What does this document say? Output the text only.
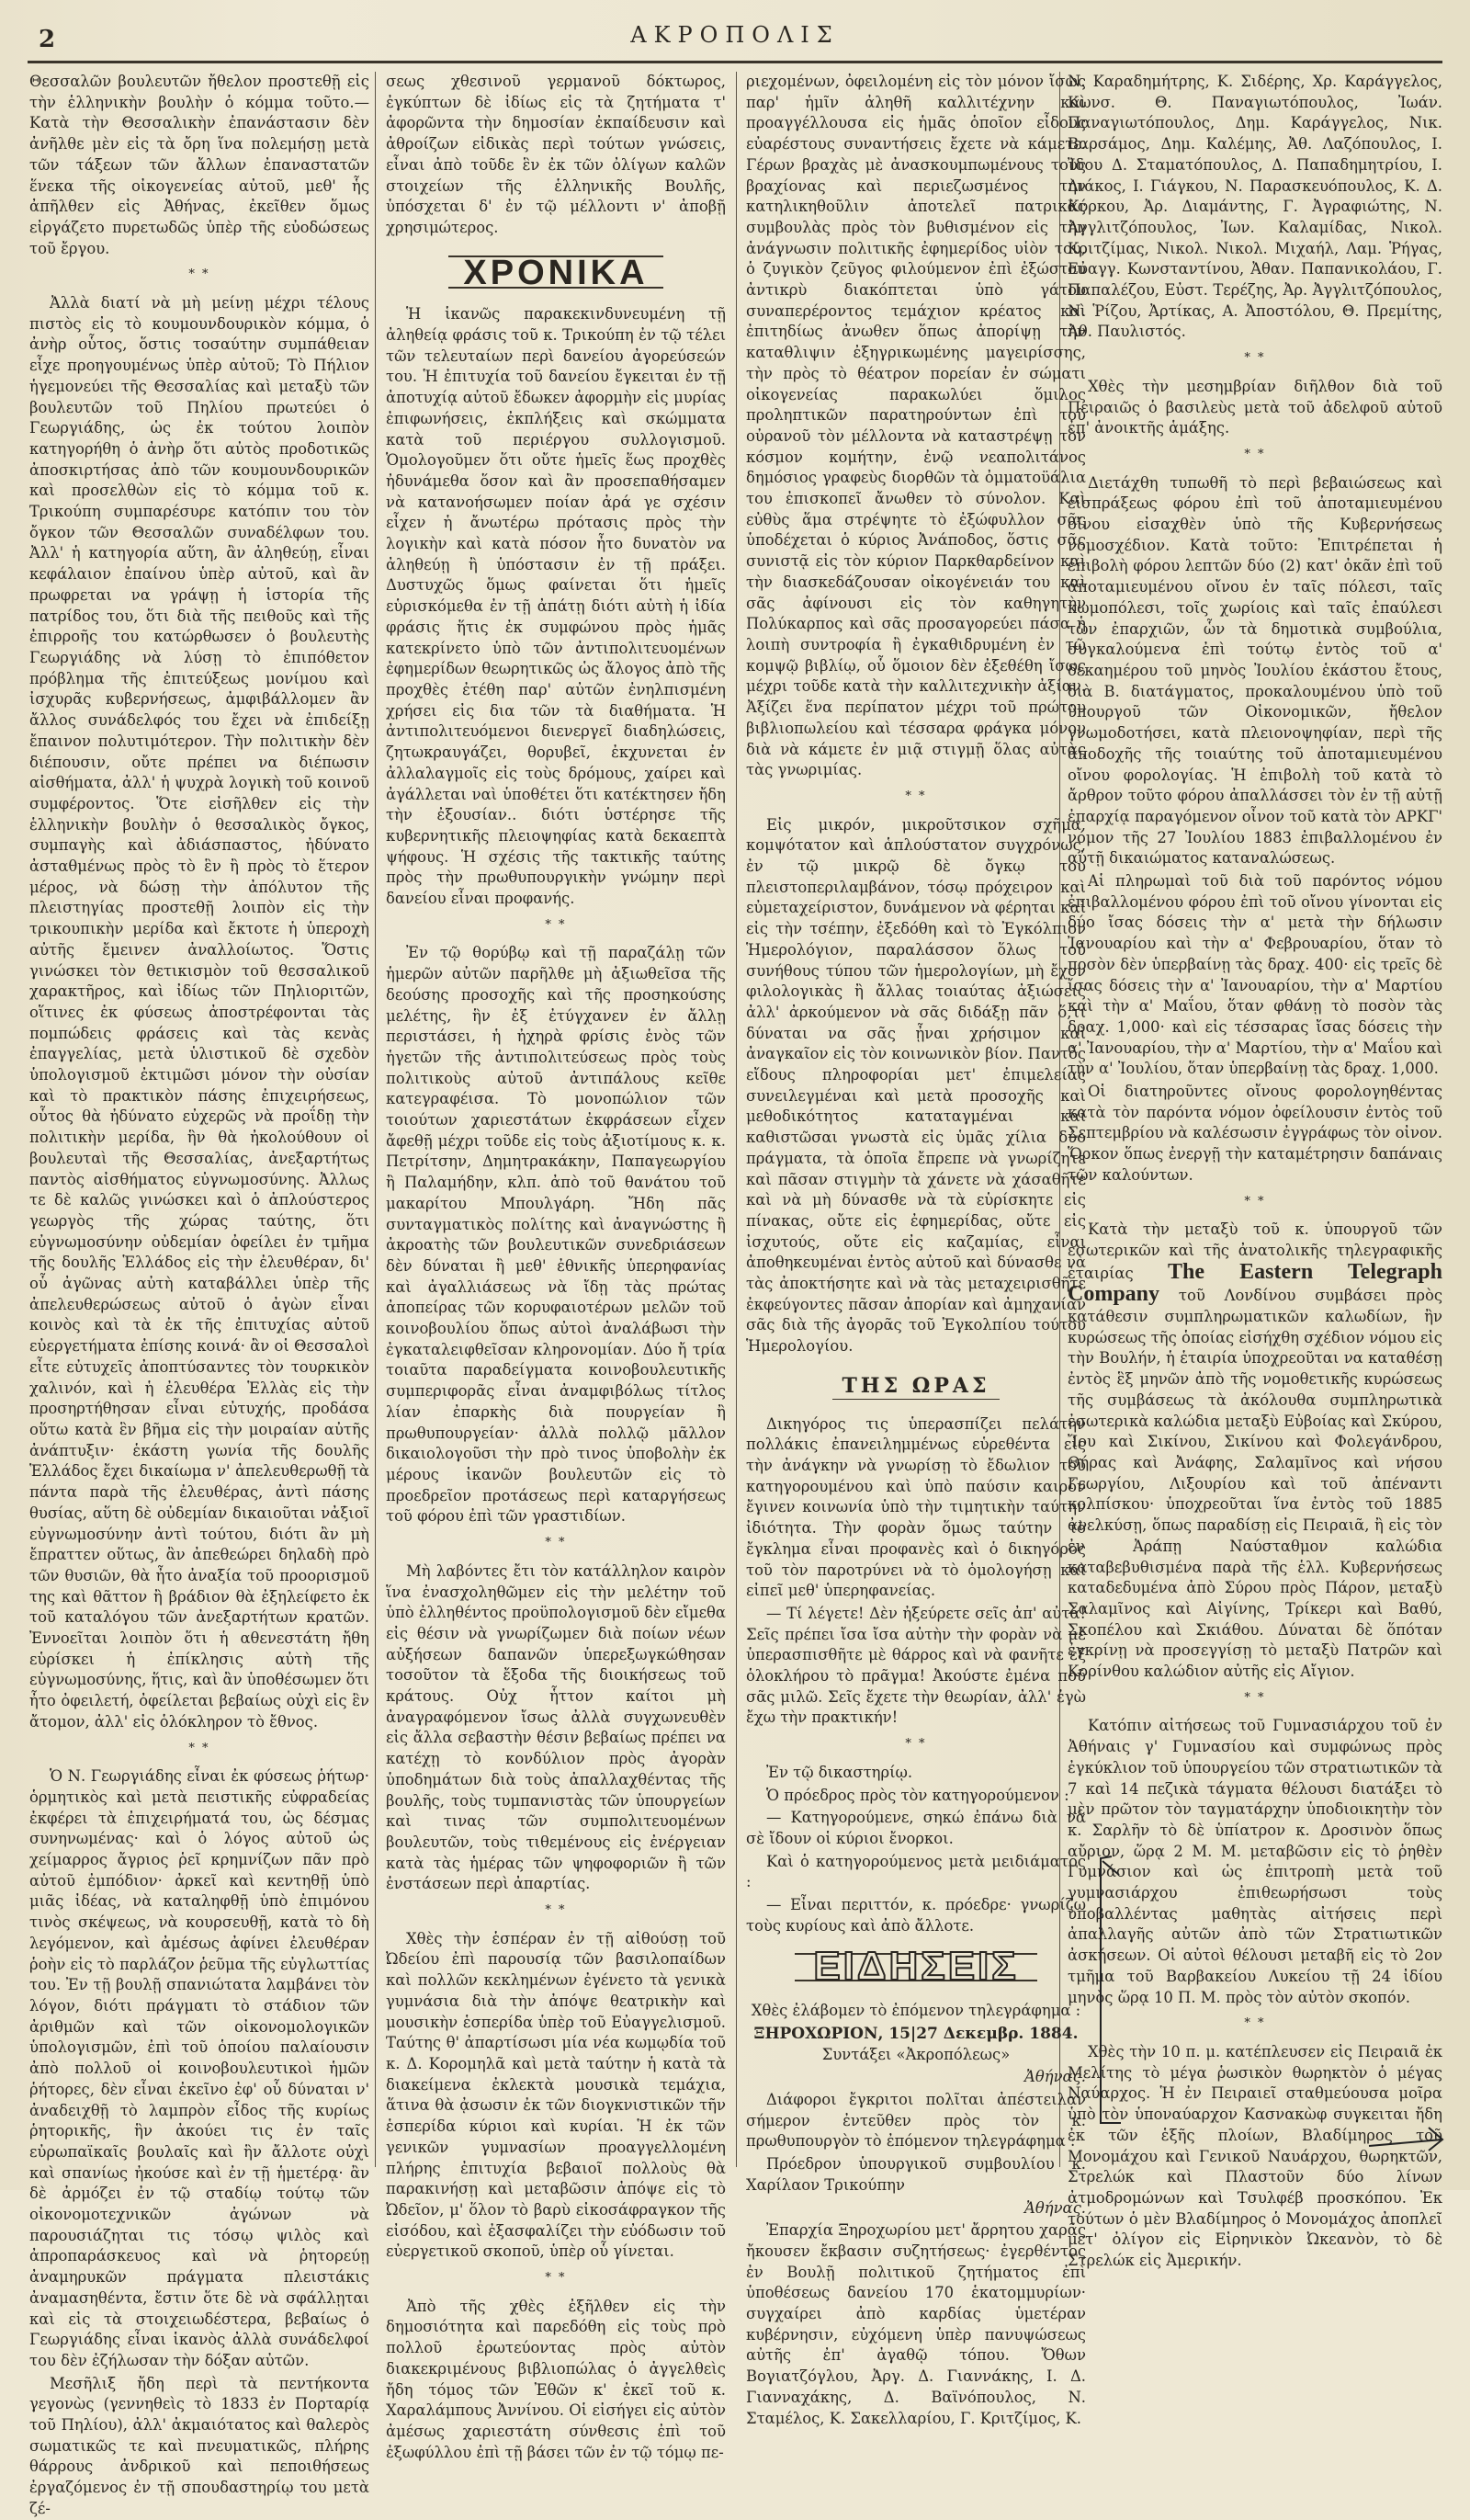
2	ΑΚΡΟΠΟΛΙΣ

Θεσσαλῶν βουλευτῶν ἤθελον προστεθῇ εἰς τὴν ἑλληνικὴν βουλὴν ὁ κόμμα τοῦτο.—Κατὰ τὴν Θεσσαλικὴν ἐπανάστασιν δὲν ἀνῆλθε μὲν εἰς τὰ ὄρη ἵνα πολεμήσῃ μετὰ τῶν τάξεων τῶν ἄλλων ἐπαναστατῶν ἕνεκα τῆς οἰκογενείας αὐτοῦ, μεθ' ἧς ἀπῆλθεν εἰς Ἀθήνας, ἐκεῖθεν ὅμως εἰργάζετο πυρετωδῶς ὑπὲρ τῆς εὐοδώσεως τοῦ ἔργου.

* *

Ἀλλὰ διατί νὰ μὴ μείνῃ μέχρι τέλους πιστὸς εἰς τὸ κουμουνδουρικὸν κόμμα, ὁ ἀνὴρ οὗτος, ὅστις τοσαύτην συμπάθειαν εἶχε προηγουμένως ὑπὲρ αὐτοῦ; Τὸ Πήλιον ἡγεμονεύει τῆς Θεσσαλίας καὶ μεταξὺ τῶν βουλευτῶν τοῦ Πηλίου πρωτεύει ὁ Γεωργιάδης, ὡς ἐκ τούτου λοιπὸν κατηγορήθη ὁ ἀνὴρ ὅτι αὐτὸς προδοτικῶς ἀποσκιρτήσας ἀπὸ τῶν κουμουνδουρικῶν καὶ προσελθὼν εἰς τὸ κόμμα τοῦ κ. Τρικούπη συμπαρέσυρε κατόπιν του τὸν ὄγκον τῶν Θεσσαλῶν συναδέλφων του. Ἀλλ' ἡ κατηγορία αὕτη, ἂν ἀληθεύῃ, εἶναι κεφάλαιον ἐπαίνου ὑπὲρ αὐτοῦ, καὶ ἂν πρωφρεται να γράψῃ ἡ ἱστορία τῆς πατρίδος του, ὅτι διὰ τῆς πειθοῦς καὶ τῆς ἐπιρροῆς του κατώρθωσεν ὁ βουλευτὴς Γεωργιάδης νὰ λύσῃ τὸ ἐπιπόθετον πρόβλημα τῆς ἐπιτεύξεως μονίμου καὶ ἰσχυρᾶς κυβερνήσεως, ἀμφιβάλλομεν ἂν ἄλλος συνάδελφός του ἔχει νὰ ἐπιδείξῃ ἔπαινον πολυτιμότερον. Τὴν πολιτικὴν δὲν διέπουσιν, οὔτε πρέπει να διέπωσιν αἰσθήματα, ἀλλ' ἡ ψυχρὰ λογικὴ τοῦ κοινοῦ συμφέροντος. Ὅτε εἰσῆλθεν εἰς τὴν ἑλληνικὴν βουλὴν ὁ θεσσαλικὸς ὄγκος, συμπαγὴς καὶ ἀδιάσπαστος, ἠδύνατο ἀσταθμένως πρὸς τὸ ἓν ἢ πρὸς τὸ ἕτερον μέρος, νὰ δώσῃ τὴν ἀπόλυτον τῆς πλειστηγίας προστεθῇ λοιπὸν εἰς τὴν τρικουπικὴν μερίδα καὶ ἔκτοτε ἡ ὑπεροχὴ αὐτῆς ἔμεινεν ἀναλλοίωτος. Ὅστις γινώσκει τὸν θετικισμὸν τοῦ θεσσαλικοῦ χαρακτῆρος, καὶ ἰδίως τῶν Πηλιοριτῶν, οἵτινες ἐκ φύσεως ἀποστρέφονται τὰς πομπώδεις φράσεις καὶ τὰς κενὰς ἐπαγγελίας, μετὰ ὑλιστικοῦ δὲ σχεδὸν ὑπολογισμοῦ ἐκτιμῶσι μόνον τὴν οὐσίαν καὶ τὸ πρακτικὸν πάσης ἐπιχειρήσεως, οὗτος θὰ ἠδύνατο εὐχερῶς νὰ προΐδῃ τὴν πολιτικὴν μερίδα, ἣν θὰ ἠκολούθουν οἱ βουλευταὶ τῆς Θεσσαλίας, ἀνεξαρτήτως παντὸς αἰσθήματος εὐγνωμοσύνης. Ἀλλως τε δὲ καλῶς γινώσκει καὶ ὁ ἀπλούστερος γεωργὸς τῆς χώρας ταύτης, ὅτι εὐγνωμοσύνην οὐδεμίαν ὀφείλει ἐν τμῆμα τῆς δουλῆς Ἑλλάδος εἰς τὴν ἐλευθέραν, δι' οὗ ἀγῶνας αὐτὴ καταβάλλει ὑπὲρ τῆς ἀπελευθερώσεως αὐτοῦ ὁ ἀγὼν εἶναι κοινὸς καὶ τὰ ἐκ τῆς ἐπιτυχίας αὐτοῦ εὐεργετήματα ἐπίσης κοινά· ἂν οἱ Θεσσαλοὶ εἶτε εὐτυχεῖς ἀποπτύσαντες τὸν τουρκικὸν χαλινόν, καὶ ἡ ἐλευθέρα Ἑλλὰς εἰς τὴν προσηρτήθησαν εἶναι εὐτυχής, προδάσα οὕτω κατὰ ἓν βῆμα εἰς τὴν μοιραίαν αὐτῆς ἀνάπτυξιν· ἑκάστη γωνία τῆς δουλῆς Ἑλλάδος ἔχει δικαίωμα ν' ἀπελευθερωθῇ τὰ πάντα παρὰ τῆς ἐλευθέρας, ἀντὶ πάσης θυσίας, αὕτη δὲ οὐδεμίαν δικαιοῦται νἀξιοῖ εὐγνωμοσύνην ἀντὶ τούτου, διότι ἂν μὴ ἔπραττεν οὕτως, ἂν ἀπεθεώρει δηλαδὴ πρὸ τῶν θυσιῶν, θὰ ἦτο ἀναξία τοῦ προορισμοῦ της καὶ θᾶττον ἢ βράδιον θὰ ἐξηλείφετο ἐκ τοῦ καταλόγου τῶν ἀνεξαρτήτων κρατῶν. Ἐννοεῖται λοιπὸν ὅτι ἡ αθενεστάτη ἤθη εὑρίσκει ἡ ἐπίκλησις αὐτὴ τῆς εὐγνωμοσύνης, ἥτις, καὶ ἂν ὑποθέσωμεν ὅτι ἦτο ὀφειλετή, ὀφείλεται βεβαίως οὐχὶ εἰς ἓν ἄτομον, ἀλλ' εἰς ὁλόκληρον τὸ ἔθνος.

* *

Ὁ Ν. Γεωργιάδης εἶναι ἐκ φύσεως ῥήτωρ· ὁρμητικὸς καὶ μετὰ πειστικῆς εὐφραδείας ἐκφέρει τὰ ἐπιχειρήματά του, ὡς δέσμας συνηνωμένας· καὶ ὁ λόγος αὐτοῦ ὡς χείμαρρος ἄγριος ῥεῖ κρημνίζων πᾶν πρὸ αὐτοῦ ἐμπόδιον· ἀρκεῖ καὶ κεντηθῇ ὑπὸ μιᾶς ἰδέας, νὰ καταληφθῇ ὑπὸ ἐπιμόνου τινὸς σκέψεως, νὰ κουρσευθῇ, κατὰ τὸ δὴ λεγόμενον, καὶ ἀμέσως ἀφίνει ἐλευθέραν ῥοὴν εἰς τὸ παρλάζον ῥεῦμα τῆς εὐγλωττίας του. Ἐν τῇ βουλῇ σπανιώτατα λαμβάνει τὸν λόγον, διότι πράγματι τὸ στάδιον τῶν ἀριθμῶν καὶ τῶν οἰκονομολογικῶν ὑπολογισμῶν, ἐπὶ τοῦ ὁποίου παλαίουσιν ἀπὸ πολλοῦ οἱ κοινοβουλευτικοὶ ἡμῶν ῥήτορες, δὲν εἶναι ἐκεῖνο ἐφ' οὗ δύναται ν' ἀναδειχθῇ τὸ λαμπρὸν εἶδος τῆς κυρίως ῥητορικῆς, ἣν ἀκούει τις ἐν ταῖς εὐρωπαϊκαῖς βουλαῖς καὶ ἣν ἄλλοτε οὐχὶ καὶ σπανίως ἠκούσε καὶ ἐν τῇ ἡμετέρᾳ· ἂν δὲ ἀρμόζει ἐν τῷ σταδίῳ τούτῳ τῶν οἰκονομοτεχνικῶν ἀγώνων νὰ παρουσιάζηται τις τόσῳ ψιλὸς καὶ ἀπροπαράσκευος καὶ νὰ ῥητορεύῃ ἀναμηρυκῶν πράγματα πλειστάκις ἀναμασηθέντα, ἔστιν ὅτε δὲ νὰ σφάλλῃται καὶ εἰς τὰ στοιχειωδέστερα, βεβαίως ὁ Γεωργιάδης εἶναι ἱκανὸς ἀλλὰ συνάδελφοί του δὲν ἐζήλωσαν τὴν δόξαν αὐτῶν.

Μεσῆλιξ ἤδη περὶ τὰ πεντήκοντα γεγονὼς (γεννηθεὶς τὸ 1833 ἐν Πορταρίᾳ τοῦ Πηλίου), ἀλλ' ἀκμαιότατος καὶ θαλερὸς σωματικῶς τε καὶ πνευματικῶς, πλήρης θάρρους ἀνδρικοῦ καὶ πεποιθήσεως ἐργαζόμενος ἐν τῇ σπουδαστηρίῳ του μετὰ ζέ-

σεως χθεσινοῦ γερμανοῦ δόκτωρος, ἐγκύπτων δὲ ἰδίως εἰς τὰ ζητήματα τ' ἀφορῶντα τὴν δημοσίαν ἐκπαίδευσιν καὶ ἀθροίζων εἰδικὰς περὶ τούτων γνώσεις, εἶναι ἀπὸ τοῦδε ἓν ἐκ τῶν ὀλίγων καλῶν στοιχείων τῆς ἑλληνικῆς Βουλῆς, ὑπόσχεται δ' ἐν τῷ μέλλοντι ν' ἀποβῇ χρησιμώτερος.

ΧΡΟΝΙΚΑ

Ἡ ἱκανῶς παρακεκινδυνευμένη τῇ ἀληθείᾳ φράσις τοῦ κ. Τρικούπη ἐν τῷ τέλει τῶν τελευταίων περὶ δανείου ἀγορεύσεών του. Ἡ ἐπιτυχία τοῦ δανείου ἔγκειται ἐν τῇ ἀποτυχίᾳ αὐτοῦ ἔδωκεν ἀφορμὴν εἰς μυρίας ἐπιφωνήσεις, ἐκπλήξεις καὶ σκώμματα κατὰ τοῦ περιέργου συλλογισμοῦ. Ὁμολογοῦμεν ὅτι οὔτε ἡμεῖς ἕως προχθὲς ἠδυνάμεθα ὅσον καὶ ἂν προσεπαθήσαμεν νὰ κατανοήσωμεν ποίαν ἀρά γε σχέσιν εἶχεν ἡ ἄνωτέρω πρότασις πρὸς τὴν λογικὴν καὶ κατὰ πόσον ἦτο δυνατὸν να ἀληθεύῃ ἢ ὑπόστασιν ἐν τῇ πράξει. Δυστυχῶς ὅμως φαίνεται ὅτι ἡμεῖς εὑρισκόμεθα ἐν τῇ ἀπάτῃ διότι αὐτὴ ἡ ἰδία φράσις ἥτις ἐκ συμφώνου πρὸς ἡμᾶς κατεκρίνετο ὑπὸ τῶν ἀντιπολιτευομένων ἐφημερίδων θεωρητικῶς ὡς ἄλογος ἀπὸ τῆς προχθὲς ἐτέθη παρ' αὐτῶν ἐνηλπισμένη χρήσει εἰς δια τῶν τὰ διαθήματα. Ἡ ἀντιπολιτευόμενοι διενεργεῖ διαδηλώσεις, ζητωκραυγάζει, θορυβεῖ, ἐκχυνεται ἐν ἀλλαλαγμοῖς εἰς τοὺς δρόμους, χαίρει καὶ ἀγάλλεται ναὶ ὑποθέτει ὅτι κατέκτησεν ἤδη τὴν ἐξουσίαν.. διότι ὑστέρησε τῆς κυβερνητικῆς πλειοψηφίας κατὰ δεκαεπτὰ ψήφους. Ἡ σχέσις τῆς τακτικῆς ταύτης πρὸς τὴν πρωθυπουργικὴν γνώμην περὶ δανείου εἶναι προφανής.

* *

Ἐν τῷ θορύβῳ καὶ τῇ παραζάλῃ τῶν ἡμερῶν αὐτῶν παρῆλθε μὴ ἀξιωθεῖσα τῆς δεούσης προσοχῆς καὶ τῆς προσηκούσης μελέτης, ἣν ἐξ ἐτύγχανεν ἐν ἄλλῃ περιστάσει, ἡ ἠχηρὰ φρίσις ἑνὸς τῶν ἡγετῶν τῆς ἀντιπολιτεύσεως πρὸς τοὺς πολιτικοὺς αὐτοῦ ἀντιπάλους κεῖθε κατεγραφέισα. Τὸ μονοπώλιον τῶν τοιούτων χαριεστάτων ἐκφράσεων εἶχεν ἄφεθῇ μέχρι τοῦδε εἰς τοὺς ἀξιοτίμους κ. κ. Πετρίτσην, Δημητρακάκην, Παπαγεωργίου ἢ Παλαμήδην, κλπ. ἀπὸ τοῦ θανάτου τοῦ μακαρίτου Μπουλγάρη. Ἤδη πᾶς συνταγματικὸς πολίτης καὶ ἀναγνώστης ἢ ἀκροατὴς τῶν βουλευτικῶν συνεδριάσεων δὲν δύναται ἢ μεθ' ἐθνικῆς ὑπερηφανίας καὶ ἀγαλλιάσεως νὰ ἴδῃ τὰς πρώτας ἀποπείρας τῶν κορυφαιοτέρων μελῶν τοῦ κοινοβουλίου ὅπως αὐτοὶ ἀναλάβωσι τὴν ἐγκαταλειφθεῖσαν κληρονομίαν. Δύο ἤ τρία τοιαῦτα παραδείγματα κοινοβουλευτικῆς συμπεριφορᾶς εἶναι ἀναμφιβόλως τίτλος λίαν ἐπαρκὴς διὰ πουργείαν ἢ πρωθυπουργείαν· ἀλλὰ πολλῷ μᾶλλον δικαιολογοῦσι τὴν πρὸ τινος ὑποβολὴν ἐκ μέρους ἱκανῶν βουλευτῶν εἰς τὸ προεδρεῖον προτάσεως περὶ καταργήσεως τοῦ φόρου ἐπὶ τῶν γραστιδίων.

* *

Μὴ λαβόντες ἔτι τὸν κατάλληλον καιρὸν ἵνα ἐνασχοληθῶμεν εἰς τὴν μελέτην τοῦ ὑπὸ ἐλληθέντος προϋπολογισμοῦ δὲν εἴμεθα εἰς θέσιν νὰ γνωρίζωμεν διὰ ποίων νέων αὐξήσεων δαπανῶν ὑπερεξωγκώθησαν τοσοῦτον τὰ ἔξοδα τῆς διοικήσεως τοῦ κράτους. Οὐχ ἧττον καίτοι μὴ ἀναγραφόμενον ἴσως ἀλλὰ συγχωνευθὲν εἰς ἄλλα σεβαστὴν θέσιν βεβαίως πρέπει να κατέχῃ τὸ κονδύλιον πρὸς ἀγορὰν ὑποδημάτων διὰ τοὺς ἀπαλλαχθέντας τῆς βουλῆς, τοὺς τυμπανιστὰς τῶν ὑπουργείων καὶ τινας τῶν συμπολιτευομένων βουλευτῶν, τοὺς τιθεμένους εἰς ἐνέργειαν κατὰ τὰς ἡμέρας τῶν ψηφοφοριῶν ἢ τῶν ἐνστάσεων περὶ ἀπαρτίας.

* *

Χθὲς τὴν ἑσπέραν ἐν τῇ αἰθούσῃ τοῦ Ὠδείου ἐπὶ παρουσίᾳ τῶν βασιλοπαίδων καὶ πολλῶν κεκλημένων ἐγένετο τὰ γενικὰ γυμνάσια διὰ τὴν ἀπόψε θεατρικὴν καὶ μουσικὴν ἑσπερίδα ὑπὲρ τοῦ Εὐαγγελισμοῦ. Ταύτης θ' ἀπαρτίσωσι μία νέα κωμῳδία τοῦ κ. Δ. Κορομηλᾶ καὶ μετὰ ταύτην ἡ κατὰ τὰ διακείμενα ἐκλεκτὰ μουσικὰ τεμάχια, ἅτινα θὰ ᾀσωσιν ἐκ τῶν διογκνιστικῶν τῆν ἑσπερίδα κύριοι καὶ κυρίαι. Ἡ ἐκ τῶν γενικῶν γυμνασίων προαγγελλομένη πλήρης ἐπιτυχία βεβαιοῖ πολλοὺς θὰ παρακινήσῃ καὶ μεταβῶσιν ἀπόψε εἰς τὸ Ὠδεῖον, μ' ὅλον τὸ βαρὺ εἰκοσάφραγκον τῆς εἰσόδου, καὶ ἐξασφαλίζει τὴν εὐόδωσιν τοῦ εὐεργετικοῦ σκοποῦ, ὑπὲρ οὗ γίνεται.

* *

Ἀπὸ τῆς χθὲς ἐξῆλθεν εἰς τὴν δημοσιότητα καὶ παρεδόθη εἰς τοὺς πρὸ πολλοῦ ἐρωτεύοντας πρὸς αὐτὸν διακεκριμένους βιβλιοπώλας ὁ ἀγγελθεὶς ἤδη τόμος τῶν Ἐθῶν κ' ἐκεῖ τοῦ κ. Χαραλάμπους Ἀννίνου. Οἱ εἰσήγει εἰς αὐτὸν ἀμέσως χαριεστάτη σύνθεσις ἐπὶ τοῦ ἐξωφύλλου ἐπὶ τῇ βάσει τῶν ἐν τῷ τόμῳ πε-

ριεχομένων, ὀφειλομένη εἰς τὸν μόνον ἴσως παρ' ἡμῖν ἀληθῆ καλλιτέχνην καὶ προαγγέλλουσα εἰς ἡμᾶς ὁποῖον εἶδους εὐαρέστους συναντήσεις ἔχετε νὰ κάμετε. Γέρων βραχὰς μὲ ἀνασκουμπωμένους τοὺς βραχίονας καὶ περιεζωσμένος τὴν κατηλικηθοῦλιν ἀποτελεῖ πατρικὰς συμβουλὰς πρὸς τὸν βυθισμένον εἰς τὴν ἀνάγνωσιν πολιτικῆς ἐφημερίδος υἱὸν του, ὁ ζυγικὸν ζεῦγος φιλούμενον ἐπὶ ἐξώστου ἀντικρὺ διακόπτεται ὑπὸ γάτου συναπερέροντος τεμάχιον κρέατος καὶ ἐπιτηδίως ἀνωθεν ὅπως ἀπορίψῃ τὴν καταθλιψιν ἐξηγρικωμένης μαγειρίσσης, τὴν πρὸς τὸ θέατρον πορείαν ἐν σώματι οἰκογενείας παρακωλύει ὅμιλος προληπτικῶν παρατηρούντων ἐπὶ τοῦ οὐρανοῦ τὸν μέλλοντα νὰ καταστρέψῃ τὸν κόσμον κομήτην, ἐνῷ νεαπολιτάνος δημόσιος γραφεὺς διορθῶν τὰ ὀμματοϋάλια του ἐπισκοπεῖ ἄνωθεν τὸ σύνολον. Καὶ εὐθὺς ἅμα στρέψητε τὸ ἐξώφυλλον σᾶς ὑποδέχεται ὁ κύριος Ἀνάποδος, ὅστις σᾶς συνιστᾷ εἰς τὸν κύριον Παρκθαρδείνον καὶ τὴν διασκεδάζουσαν οἰκογένειάν του καὶ σᾶς ἀφίνουσι εἰς τὸν καθηγητὴν Πολύκαρπος καὶ σᾶς προσαγορεύει πάσα ἡ λοιπὴ συντροφία ἢ ἐγκαθιδρυμένη ἐν τῷ κομψῷ βιβλίῳ, οὗ ὅμοιον δὲν ἐξεθέθη ἴσως μέχρι τοῦδε κατὰ τὴν καλλιτεχνικὴν ἀξίαν. Ἀξίζει ἕνα περίπατον μέχρι τοῦ πρώτου βιβλιοπωλείου καὶ τέσσαρα φράγκα μόνον διὰ νὰ κάμετε ἐν μιᾷ στιγμῇ ὅλας αὐτὰς τὰς γνωριμίας.

* *

Εἰς μικρόν, μικροῦτσικον σχῆμα, κομψότατον καὶ ἁπλούστατον συγχρόνως, ἐν τῷ μικρῷ δὲ ὄγκῳ του πλειστοπεριλαμβάνον, τόσῳ πρόχειρον καὶ εὐμεταχείριστον, δυνάμενον νὰ φέρηται καὶ εἰς τὴν τσέπην, ἐξεδόθη καὶ τὸ Ἐγκόλπιον Ἡμερολόγιον, παραλάσσον ὅλως τοῦ συνήθους τύπου τῶν ἡμερολογίων, μὴ ἔχον φιλολογικὰς ἢ ἄλλας τοιαύτας ἀξιώσεις ἀλλ' ἀρκούμενον νὰ σᾶς διδάξῃ πᾶν ὅ,τι δύναται να σᾶς ᾖναι χρήσιμον καὶ ἀναγκαῖον εἰς τὸν κοινωνικὸν βίον. Παντὸς εἴδους πληροφορίαι μετ' ἐπιμελείας συνειλεγμέναι καὶ μετὰ προσοχῆς καὶ μεθοδικότητος καταταγμέναι καὶ καθιστῶσαι γνωστὰ εἰς ὑμᾶς χίλια δύο πράγματα, τὰ ὁποῖα ἔπρεπε νὰ γνωρίζητε καὶ πᾶσαν στιγμὴν τὰ χάνετε νὰ χάσαθῆτε καὶ νὰ μὴ δύνασθε νὰ τὰ εὑρίσκητε εἰς πίνακας, οὔτε εἰς ἐφημερίδας, οὔτε εἰς ἰσχυτούς, οὔτε εἰς καζαμίας, εἶναι ἀποθηκευμέναι ἐντὸς αὐτοῦ καὶ δύνασθε νὰ τὰς ἀποκτήσητε καὶ νὰ τὰς μεταχειρισθῆτε ἐκφεύγοντες πᾶσαν ἀπορίαν καὶ ἀμηχανίαν σᾶς διὰ τῆς ἀγορᾶς τοῦ Ἐγκολπίου τούτου Ἡμερολογίου.

ΤΗΣ ΩΡΑΣ

Δικηγόρος τις ὑπερασπίζει πελάτην πολλάκις ἐπανειλημμένως εὑρεθέντα εἰς τὴν ἀνάγκην νὰ γνωρίσῃ τὸ ἔδωλιον τοῦ κατηγορουμένου καὶ ὑπὸ παύσιν καιρόν ἔγινεν κοινωνία ὑπὸ τὴν τιμητικὴν ταύτην ἰδιότητα. Τὴν φορὰν ὅμως ταύτην τὸ ἔγκλημα εἶναι προφανὲς καὶ ὁ δικηγόρος τοῦ τὸν παροτρύνει νὰ τὸ ὁμολογήσῃ καὶ εἰπεῖ μεθ' ὑπερηφανείας.

— Τί λέγετε! Δὲν ἠξεύρετε σεῖς ἀπ' αὐτά! Σεῖς πρέπει ἴσα ἴσα αὐτὴν τὴν φορὰν νὰ μὲ ὑπερασπισθῆτε μὲ θάρρος καὶ νὰ φανῆτε ἐξ ὁλοκλήρου τὸ πρᾶγμα! Ἀκούστε ἐμένα ποῦ σᾶς μιλῶ. Σεῖς ἔχετε τὴν θεωρίαν, ἀλλ' ἐγὼ ἔχω τὴν πρακτικήν!

* *

Ἐν τῷ δικαστηρίῳ.

Ὁ πρόεδρος πρὸς τὸν κατηγορούμενον :

— Κατηγορούμενε, σηκώ ἐπάνω διὰ νὰ σὲ ἴδουν οἱ κύριοι ἔνορκοι.

Καὶ ὁ κατηγορούμενος μετὰ μειδιάματος :

— Εἶναι περιττόν, κ. πρόεδρε· γνωρίζω τοὺς κυρίους καὶ ἀπὸ ἄλλοτε.

ΕΙΔΗΣΕΙΣ

Χθὲς ἐλάβομεν τὸ ἐπόμενον τηλεγράφημα :

ΞΗΡΟΧΩΡΙΟΝ, 15|27 Δεκεμβρ. 1884.

Συντάξει «Ἀκροπόλεως»

Ἀθήνας.

Διάφοροι ἔγκριτοι πολῖται ἀπέστειλαν σήμερον ἐντεῦθεν πρὸς τὸν κ. πρωθυπουργὸν τὸ ἐπόμενον τηλεγράφημα :

Πρόεδρον ὑπουργικοῦ συμβουλίου κ. Χαρίλαον Τρικούπην

Ἀθήνας.

Ἐπαρχία Ξηροχωρίου μετ' ἄρρητου χαρᾶς ἤκουσεν ἔκβασιν συζητήσεως· ἐγερθέντος ἐν Βουλῇ πολιτικοῦ ζητήματος ἐπὶ ὑποθέσεως δανείου 170 ἑκατομμυρίων· συγχαίρει ἀπὸ καρδίας ὑμετέραν κυβέρνησιν, εὐχόμενη ὑπὲρ πανυψώσεως αὐτῆς ἐπ' ἀγαθῷ τόπου. Ὄθων Βογιατζόγλου, Ἀργ. Δ. Γιαννάκης, Ι. Δ. Γιανναχάκης, Δ. Βαϊνόπουλος, Ν. Σταμέλος, Κ. Σακελλαρίου, Γ. Κριτζίμος, Κ.

Ν. Καραδημήτρης, Κ. Σιδέρης, Χρ. Καράγγελος, Κωνσ. Θ. Παναγιωτόπουλος, Ἰωάν. Παναγιωτόπουλος, Δημ. Καράγγελος, Νικ. Βαρσάμος, Δημ. Καλέμης, Ἀθ. Λαζόπουλος, Ι. Ἰδου Δ. Σταματόπουλος, Δ. Παπαδημητρίου, Ι. Διάκος, Ι. Γιάγκου, Ν. Παρασκευόπουλος, Κ. Δ. Κύρκου, Ἀρ. Διαμάντης, Γ. Ἀγραφιώτης, Ν. Ἀγγλιτζόπουλος, Ἰων. Καλαμίδας, Νικολ. Κριτζίμας, Νικολ. Νικολ. Μιχαήλ, Λαμ. Ῥήγας, Εὐαγγ. Κωνσταντίνου, Ἀθαν. Παπανικολάου, Γ. Παπαλέζου, Εὐστ. Τερέζης, Ἀρ. Ἀγγλιτζόπουλος, Ν. Ῥίζου, Ἀρτίκας, Α. Ἀποστόλου, Θ. Πρεμίτης, Ἀθ. Παυλιστός.

* *

Χθὲς τὴν μεσημβρίαν διῆλθον διὰ τοῦ Πειραιῶς ὁ βασιλεὺς μετὰ τοῦ ἀδελφοῦ αὐτοῦ ἐπ' ἀνοικτῆς ἁμάξης.

* *

Διετάχθη τυπωθῆ τὸ περὶ βεβαιώσεως καὶ εἰσπράξεως φόρου ἐπὶ τοῦ ἀποταμιευμένου οἴνου εἰσαχθὲν ὑπὸ τῆς Κυβερνήσεως νομοσχέδιον. Κατὰ τοῦτο: Ἐπιτρέπεται ἡ ἐπιβολὴ φόρου λεπτῶν δύο (2) κατ' ὀκᾶν ἐπὶ τοῦ ἀποταμιευμένου οἴνου ἐν ταῖς πόλεσι, ταῖς κωμοπόλεσι, τοῖς χωρίοις καὶ ταῖς ἐπαύλεσι τῶν ἐπαρχιῶν, ὧν τὰ δημοτικὰ συμβούλια, συγκαλούμενα ἐπὶ τούτῳ ἐντὸς τοῦ α' δεκαημέρου τοῦ μηνὸς Ἰουλίου ἑκάστου ἔτους, διὰ Β. διατάγματος, προκαλουμένου ὑπὸ τοῦ ὑπουργοῦ τῶν Οἰκονομικῶν, ἤθελον γνωμοδοτήσει, κατὰ πλειονοψηφίαν, περὶ τῆς ἀποδοχῆς τῆς τοιαύτης τοῦ ἀποταμιευμένου οἴνου φορολογίας. Ἡ ἐπιβολὴ τοῦ κατὰ τὸ ἄρθρον τοῦτο φόρου ἀπαλλάσσει τὸν ἐν τῇ αὐτῇ ἐπαρχίᾳ παραγόμενον οἶνον τοῦ κατὰ τὸν ΑΡΚΓ' νόμον τῆς 27 Ἰουλίου 1883 ἐπιβαλλομένου ἐν αὐτῇ δικαιώματος καταναλώσεως.

Αἱ πληρωμαὶ τοῦ διὰ τοῦ παρόντος νόμου ἐπιβαλλομένου φόρου ἐπὶ τοῦ οἴνου γίνονται εἰς δύο ἴσας δόσεις τὴν α' μετὰ τὴν δήλωσιν Ἰανουαρίου καὶ τὴν α' Φεβρουαρίου, ὅταν τὸ ποσὸν δὲν ὑπερβαίνῃ τὰς δραχ. 400· εἰς τρεῖς δὲ ἴσας δόσεις τὴν α' Ἰανουαρίου, τὴν α' Μαρτίου καὶ τὴν α' Μαΐου, ὅταν φθάνῃ τὸ ποσὸν τὰς δραχ. 1,000· καὶ εἰς τέσσαρας ἴσας δόσεις τὴν α' Ἰανουαρίου, τὴν α' Μαρτίου, τὴν α' Μαΐου καὶ τὴν α' Ἰουλίου, ὅταν ὑπερβαίνῃ τὰς δραχ. 1,000.

Οἱ διατηροῦντες οἴνους φορολογηθέντας κατὰ τὸν παρόντα νόμον ὀφείλουσιν ἐντὸς τοῦ Σεπτεμβρίου νὰ καλέσωσιν ἐγγράφως τὸν οἰνον. Ὅρκον ὅπως ἐνεργῇ τὴν καταμέτρησιν δαπάναις τῶν καλούντων.

* *

Κατὰ τὴν μεταξὺ τοῦ κ. ὑπουργοῦ τῶν ἐσωτερικῶν καὶ τῆς ἀνατολικῆς τηλεγραφικῆς ἑταιρίας The Eastern Telegraph Company τοῦ Λονδίνου συμβάσει πρὸς κατάθεσιν συμπληρωματικῶν καλωδίων, ἢν κυρώσεως τῆς ὁποίας εἰσήχθη σχέδιον νόμου εἰς τὴν Βουλήν, ἡ ἑταιρία ὑποχρεοῦται να καταθέσῃ ἐντὸς ἓξ μηνῶν ἀπὸ τῆς νομοθετικῆς κυρώσεως τῆς συμβάσεως τὰ ἀκόλουθα συμπληρωτικὰ ἐσωτερικὰ καλώδια μεταξὺ Εὐβοίας καὶ Σκύρου, Ἴου καὶ Σικίνου, Σικίνου καὶ Φολεγάνδρου, Θήρας καὶ Ἀνάφης, Σαλαμῖνος καὶ νήσου Γεωργίου, Λιξουρίου καὶ τοῦ ἀπέναντι κολπίσκου· ὑποχρεοῦται ἵνα ἐντὸς τοῦ 1885 ἀνελκύσῃ, ὅπως παραδίσῃ εἰς Πειραιᾶ, ἢ εἰς τὸν ἐν Ἀράπῃ Ναύσταθμον καλώδια καταβεβυθισμένα παρὰ τῆς ἑλλ. Κυβερνήσεως καταδεδυμένα ἀπὸ Σύρου πρὸς Πάρον, μεταξὺ Σαλαμῖνος καὶ Αἰγίνης, Τρίκερι καὶ Βαθύ, Σκοπέλου καὶ Σκιάθου. Δύναται δὲ ὅπόταν ἐγκρίνῃ νὰ προσεγγίσῃ τὸ μεταξὺ Πατρῶν καὶ Κορίνθου καλώδιον αὐτῆς εἰς Αἴγιον.

* *

Κατόπιν αἰτήσεως τοῦ Γυμνασιάρχου τοῦ ἐν Ἀθήναις γ' Γυμνασίου καὶ συμφώνως πρὸς ἐγκύκλιον τοῦ ὑπουργείου τῶν στρατιωτικῶν τὰ 7 καὶ 14 πεζικὰ τάγματα θέλουσι διατάξει τὸ μὲν πρῶτον τὸν ταγματάρχην ὑποδιοικητὴν τὸν κ. Σαρλῆν τὸ δὲ ὑπίατρον κ. Δροσινὸν ὅπως αὔριον, ὥρᾳ 2 Μ. Μ. μεταβῶσιν εἰς τὸ ῥηθὲν Γυμνάσιον καὶ ὡς ἐπιτροπὴ μετὰ τοῦ γυμνασιάρχου ἐπιθεωρήσωσι τοὺς ὑποβαλλέντας μαθητὰς αἰτήσεις περὶ ἀπαλλαγῆς αὐτῶν ἀπὸ τῶν Στρατιωτικῶν ἀσκήσεων. Οἱ αὐτοὶ θέλουσι μεταβῆ εἰς τὸ 2ον τμῆμα τοῦ Βαρβακείου Λυκείου τῇ 24 ἰδίου μηνὸς ὥρᾳ 10 Π. Μ. πρὸς τὸν αὐτὸν σκοπόν.

* *

Χθὲς τὴν 10 π. μ. κατέπλευσεν εἰς Πειραιᾶ ἐκ Μελίτης τὸ μέγα ῥωσικὸν θωρηκτὸν ὁ μέγας Ναύαρχος. Ἡ ἐν Πειραιεῖ σταθμεύουσα μοῖρα ὑπὸ τὸν ὑποναύαρχον Κασνακὼφ συγκειται ἤδη ἐκ τῶν ἑξῆς πλοίων, Βλαδίμηρος τοῦ Μονομάχου καὶ Γενικοῦ Ναυάρχου, θωρηκτῶν, Στρελώκ καὶ Πλαστοῦν δύο λίνων ἀτμοδρομώνων καὶ Τσυλφέβ προσκόπου. Ἐκ τούτων ὁ μὲν Βλαδίμηρος ὁ Μονομάχος ἀποπλεῖ μετ' ὀλίγον εἰς Εἰρηνικὸν Ὠκεανὸν, τὸ δὲ Στρελώκ εἰς Ἀμερικήν.
